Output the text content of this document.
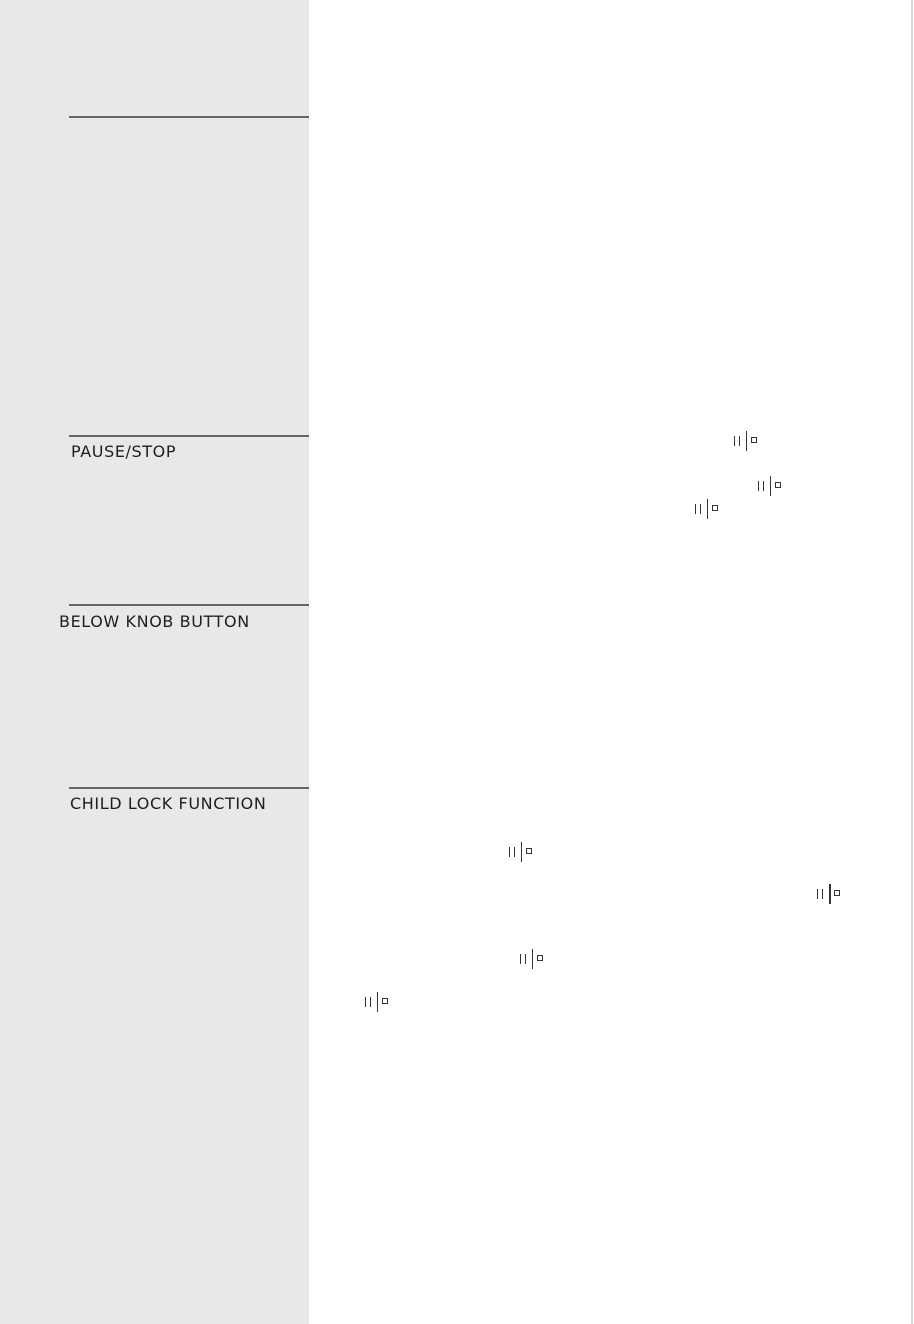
PAUSE/STOP
BELOW KNOB BUTTON
CHILD LOCK FUNCTION
